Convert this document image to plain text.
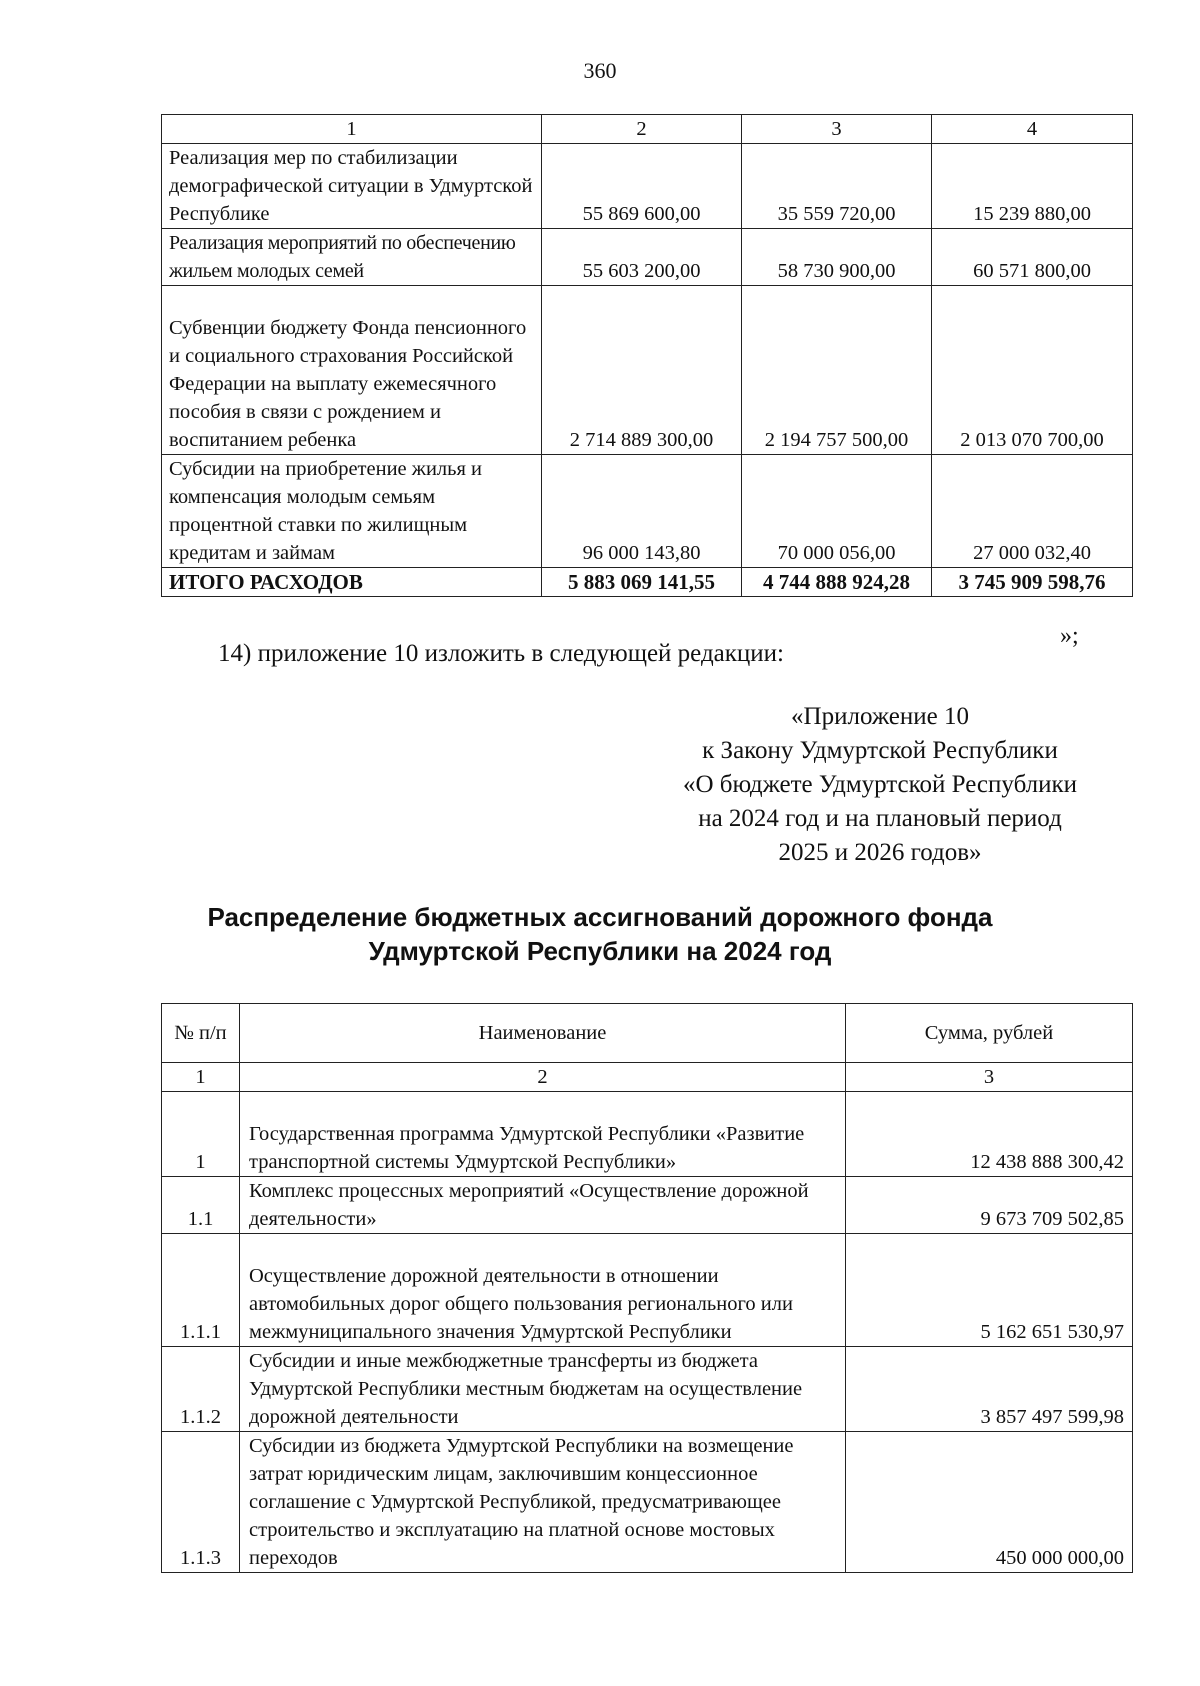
360
1	2	3	4
Реализация мер по стабилизации демографической ситуации в Удмуртской Республике	55 869 600,00	35 559 720,00	15 239 880,00
Реализация мероприятий по обеспечению жильем молодых семей	55 603 200,00	58 730 900,00	60 571 800,00
Субвенции бюджету Фонда пенсионного и социального страхования Российской Федерации на выплату ежемесячного пособия в связи с рождением и воспитанием ребенка	2 714 889 300,00	2 194 757 500,00	2 013 070 700,00
Субсидии на приобретение жилья и компенсация молодым семьям процентной ставки по жилищным кредитам и займам	96 000 143,80	70 000 056,00	27 000 032,40
ИТОГО РАСХОДОВ	5 883 069 141,55	4 744 888 924,28	3 745 909 598,76
»;
14) приложение 10 изложить в следующей редакции:
«Приложение 10
к Закону Удмуртской Республики
«О бюджете Удмуртской Республики
на 2024 год и на плановый период
2025 и 2026 годов»
Распределение бюджетных ассигнований дорожного фонда
Удмуртской Республики на 2024 год
№ п/п	Наименование	Сумма, рублей
1	2	3
1	Государственная программа Удмуртской Республики «Развитие транспортной системы Удмуртской Республики»	12 438 888 300,42
1.1	Комплекс процессных мероприятий «Осуществление дорожной деятельности»	9 673 709 502,85
1.1.1	Осуществление дорожной деятельности в отношении автомобильных дорог общего пользования регионального или межмуниципального значения Удмуртской Республики	5 162 651 530,97
1.1.2	Субсидии и иные межбюджетные трансферты из бюджета Удмуртской Республики местным бюджетам на осуществление дорожной деятельности	3 857 497 599,98
1.1.3	Субсидии из бюджета Удмуртской Республики на возмещение затрат юридическим лицам, заключившим концессионное соглашение с Удмуртской Республикой, предусматривающее строительство и эксплуатацию на платной основе мостовых переходов	450 000 000,00
